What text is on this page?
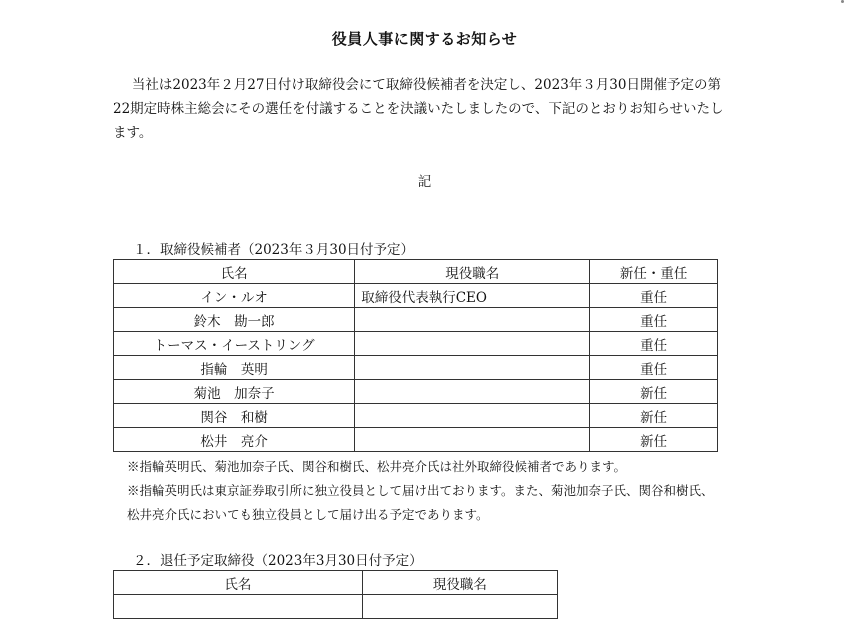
役員人事に関するお知らせ

当社は2023年２月27日付け取締役会にて取締役候補者を決定し、2023年３月30日開催予定の第22期定時株主総会にその選任を付議することを決議いたしましたので、下記のとおりお知らせいたします。

記
１．取締役候補者（2023年３月30日付予定）
氏名	現役職名	新任・重任
イン・ルオ	取締役代表執行CEO	重任
鈴木　勘一郎		重任
トーマス・イーストリング		重任
指輪　英明		重任
菊池　加奈子		新任
関谷　和樹		新任
松井　亮介		新任

※指輪英明氏、菊池加奈子氏、関谷和樹氏、松井亮介氏は社外取締役候補者であります。

※指輪英明氏は東京証券取引所に独立役員として届け出ております。また、菊池加奈子氏、関谷和樹氏、

松井亮介氏においても独立役員として届け出る予定であります。

２．退任予定取締役（2023年3月30日付予定）
氏名	現役職名
